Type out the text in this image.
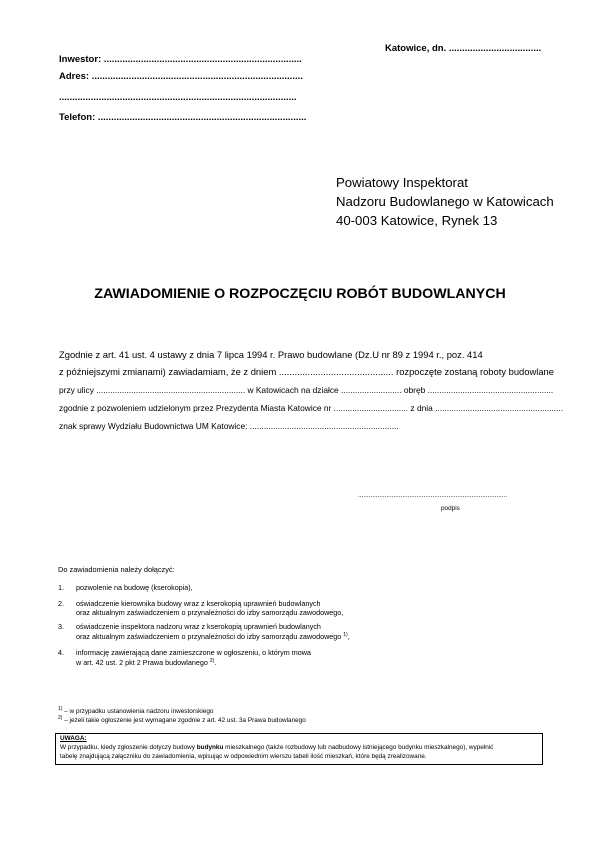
Katowice, dn. ...................................
Inwestor: ...........................................................................
Adres: ................................................................................
..........................................................................................
Telefon: ...............................................................................
Powiatowy Inspektorat
Nadzoru Budowlanego w Katowicach
40-003 Katowice, Rynek 13
ZAWIADOMIENIE O ROZPOCZĘCIU ROBÓT BUDOWLANYCH
Zgodnie z art. 41 ust. 4 ustawy z dnia 7 lipca 1994 r. Prawo budowlane (Dz.U nr 89 z 1994 r., poz. 414
z późniejszymi zmianami) zawiadamiam, że z dniem ............................................ rozpoczęte zostaną roboty budowlane
przy ulicy ................................................................ w Katowicach na działce .......................... obręb ......................................................
zgodnie z pozwoleniem udzielonym przez Prezydenta Miasta Katowice nr ................................ z dnia .......................................................
znak sprawy Wydziału Budownictwa UM Katowice: ................................................................
....................................................................................
podpis
Do zawiadomienia należy dołączyć:
1. pozwolenie na budowę (kserokopia),
2. oświadczenie kierownika budowy wraz z kserokopią uprawnień budowlanych
oraz aktualnym zaświadczeniem o przynależności do izby samorządu zawodowego,
3. oświadczenie inspektora nadzoru wraz z kserokopią uprawnień budowlanych
oraz aktualnym zaświadczeniem o przynależności do izby samorządu zawodowego $^{1)}$,
4. informację zawierającą dane zamieszczone w ogłoszeniu, o którym mowa
w art. 42 ust. 2 pkt 2 Prawa budowlanego $^{2)}$.
$^{1)}$ – w przypadku ustanowienia nadzoru inwestorskiego
$^{2)}$ – jeżeli takie ogłoszenie jest wymagane zgodnie z art. 42 ust. 3a Prawa budowlanego
UWAGA:
W przypadku, kiedy zgłoszenie dotyczy budowy budynku mieszkalnego (także rozbudowy lub nadbudowy istniejącego budynku mieszkalnego), wypełnić
tabelę znajdującą załączniku do zawiadomienia, wpisując w odpowiednim wierszu tabeli ilość mieszkań, które będą zrealizowane.
